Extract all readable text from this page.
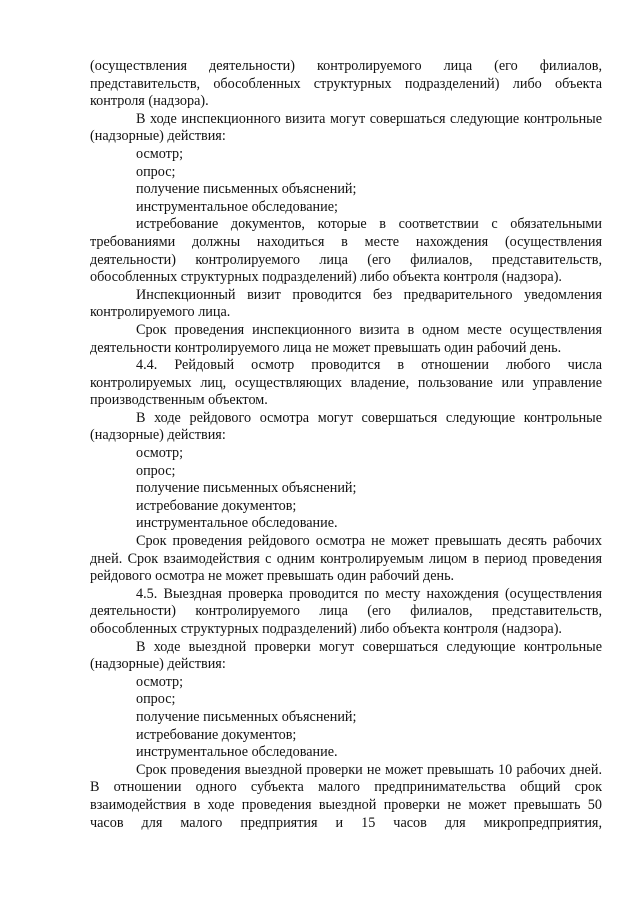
(осуществления деятельности) контролируемого лица (его филиалов, представительств, обособленных структурных подразделений) либо объекта контроля (надзора).

В ходе инспекционного визита могут совершаться следующие контрольные (надзорные) действия:

осмотр;

опрос;

получение письменных объяснений;

инструментальное обследование;

истребование документов, которые в соответствии с обязательными требованиями должны находиться в месте нахождения (осуществления деятельности) контролируемого лица (его филиалов, представительств, обособленных структурных подразделений) либо объекта контроля (надзора).

Инспекционный визит проводится без предварительного уведомления контролируемого лица.

Срок проведения инспекционного визита в одном месте осуществления деятельности контролируемого лица не может превышать один рабочий день.

4.4. Рейдовый осмотр проводится в отношении любого числа контролируемых лиц, осуществляющих владение, пользование или управление производственным объектом.

В ходе рейдового осмотра могут совершаться следующие контрольные (надзорные) действия:

осмотр;

опрос;

получение письменных объяснений;

истребование документов;

инструментальное обследование.

Срок проведения рейдового осмотра не может превышать десять рабочих дней. Срок взаимодействия с одним контролируемым лицом в период проведения рейдового осмотра не может превышать один рабочий день.

4.5. Выездная проверка проводится по месту нахождения (осуществления деятельности) контролируемого лица (его филиалов, представительств, обособленных структурных подразделений) либо объекта контроля (надзора).

В ходе выездной проверки могут совершаться следующие контрольные (надзорные) действия:

осмотр;

опрос;

получение письменных объяснений;

истребование документов;

инструментальное обследование.

Срок проведения выездной проверки не может превышать 10 рабочих дней. В отношении одного субъекта малого предпринимательства общий срок взаимодействия в ходе проведения выездной проверки не может превышать 50 часов для малого предприятия и 15 часов для микропредприятия,
